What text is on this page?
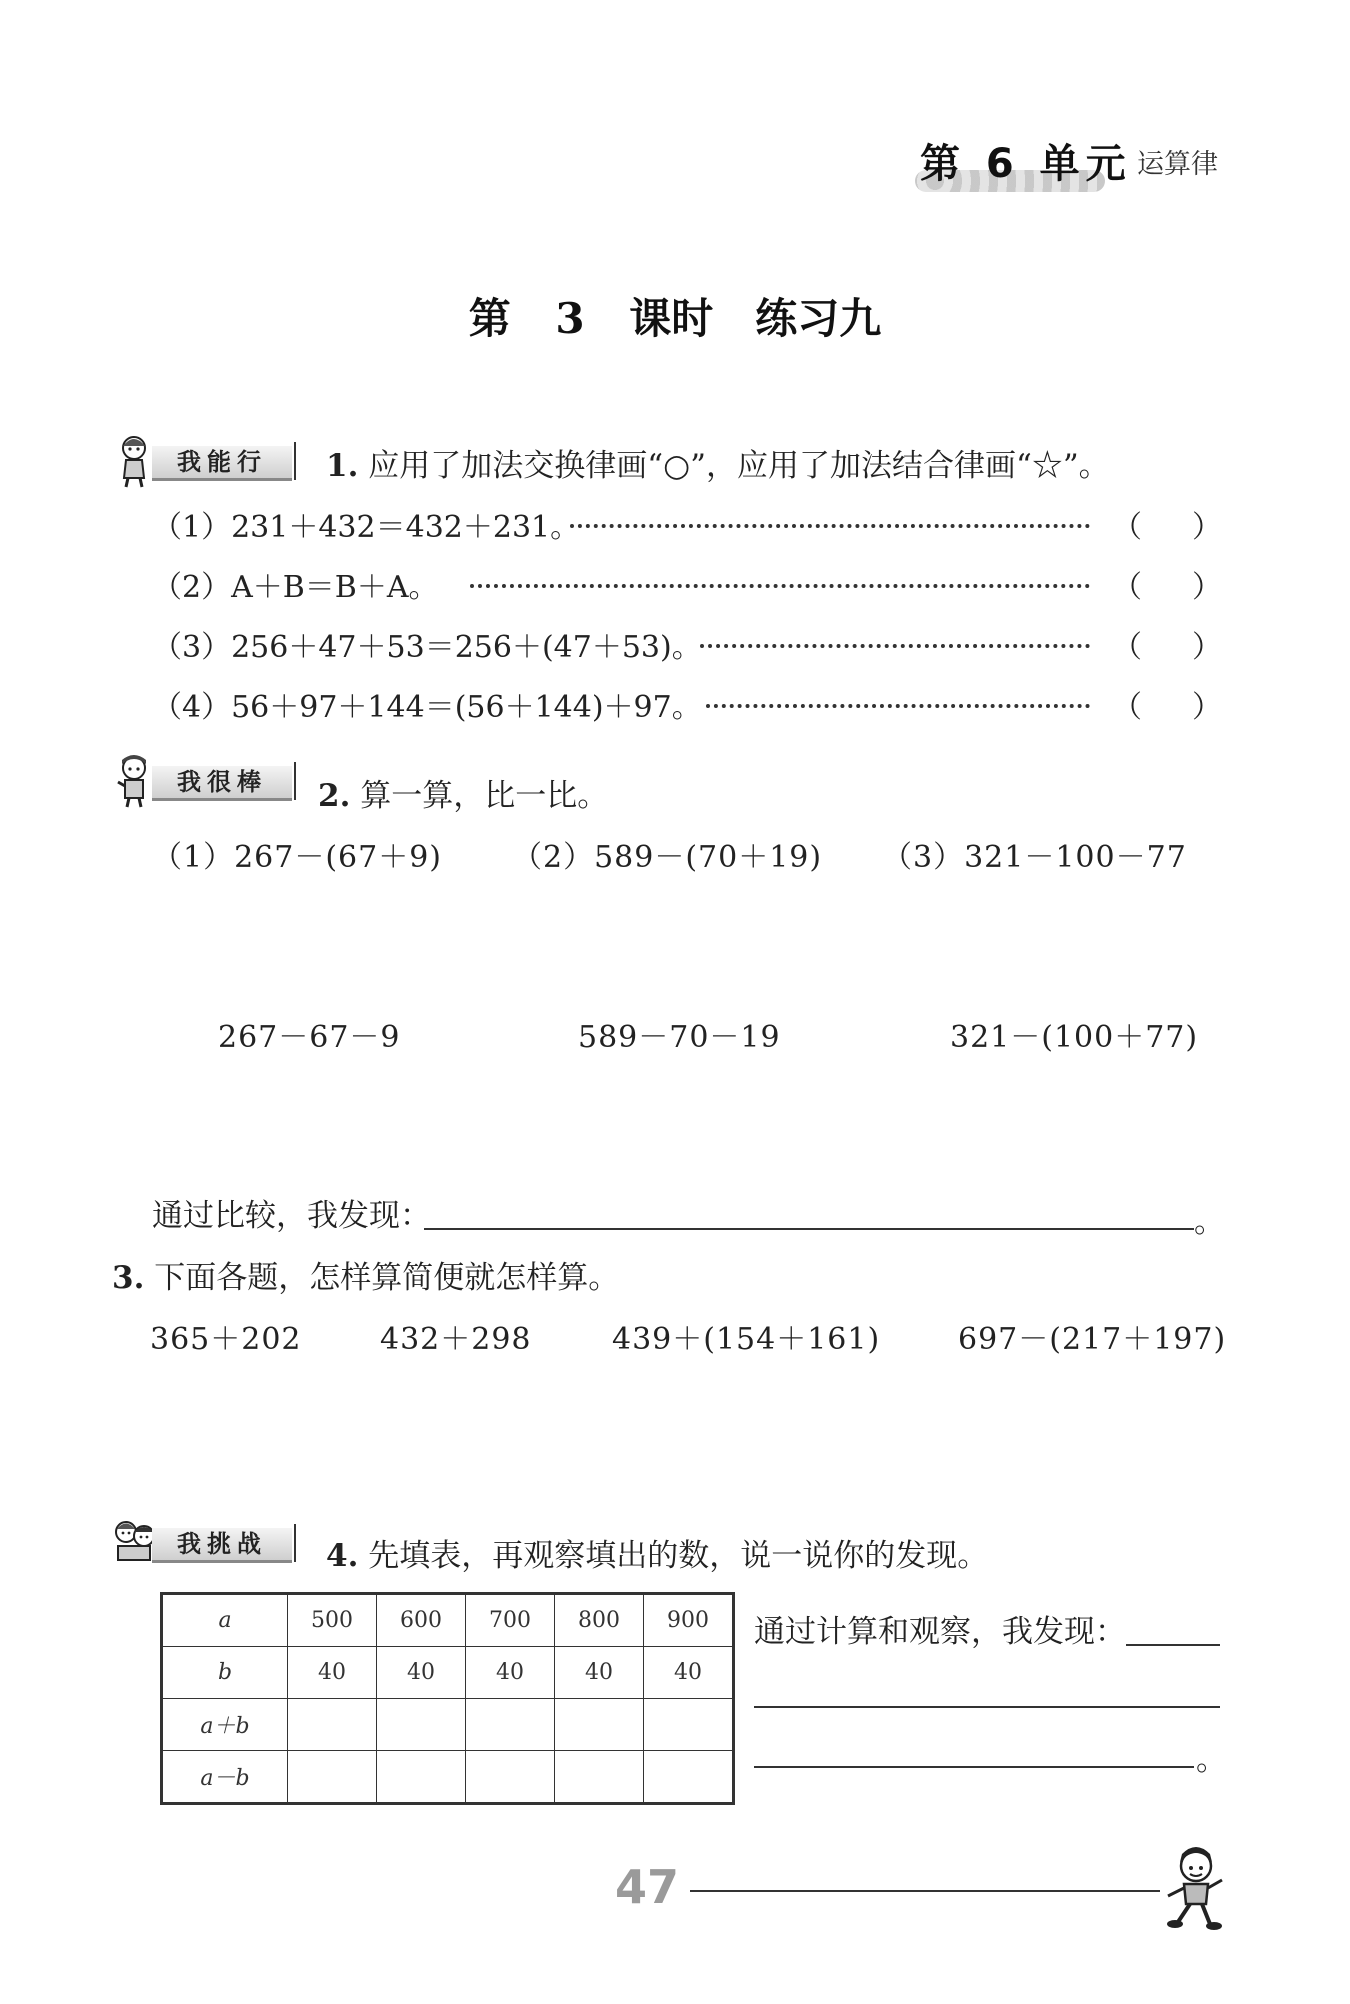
第 6 单元 运算律
第 3 课时　练习九
我能行	1. 应用了加法交换律画“○”，应用了加法结合律画“☆”。
（1）231＋432＝432＋231。	（ ）
（2）A＋B＝B＋A。	（ ）
（3）256＋47＋53＝256＋(47＋53)。	（ ）
（4）56＋97＋144＝(56＋144)＋97。	（ ）
我很棒	2. 算一算，比一比。
（1）267－(67＋9) （2）589－(70＋19) （3）321－100－77
267－67－9	589－70－19	321－(100＋77)
通过比较，我发现：	。
3. 下面各题，怎样算简便就怎样算。
365＋202	432＋298	439＋(154＋161)	697－(217＋197)
我挑战	4. 先填表，再观察填出的数，说一说你的发现。
a	500	600	700	800	900
b	40	40	40	40	40
a＋b					
a－b					
通过计算和观察，我发现：
。
47
